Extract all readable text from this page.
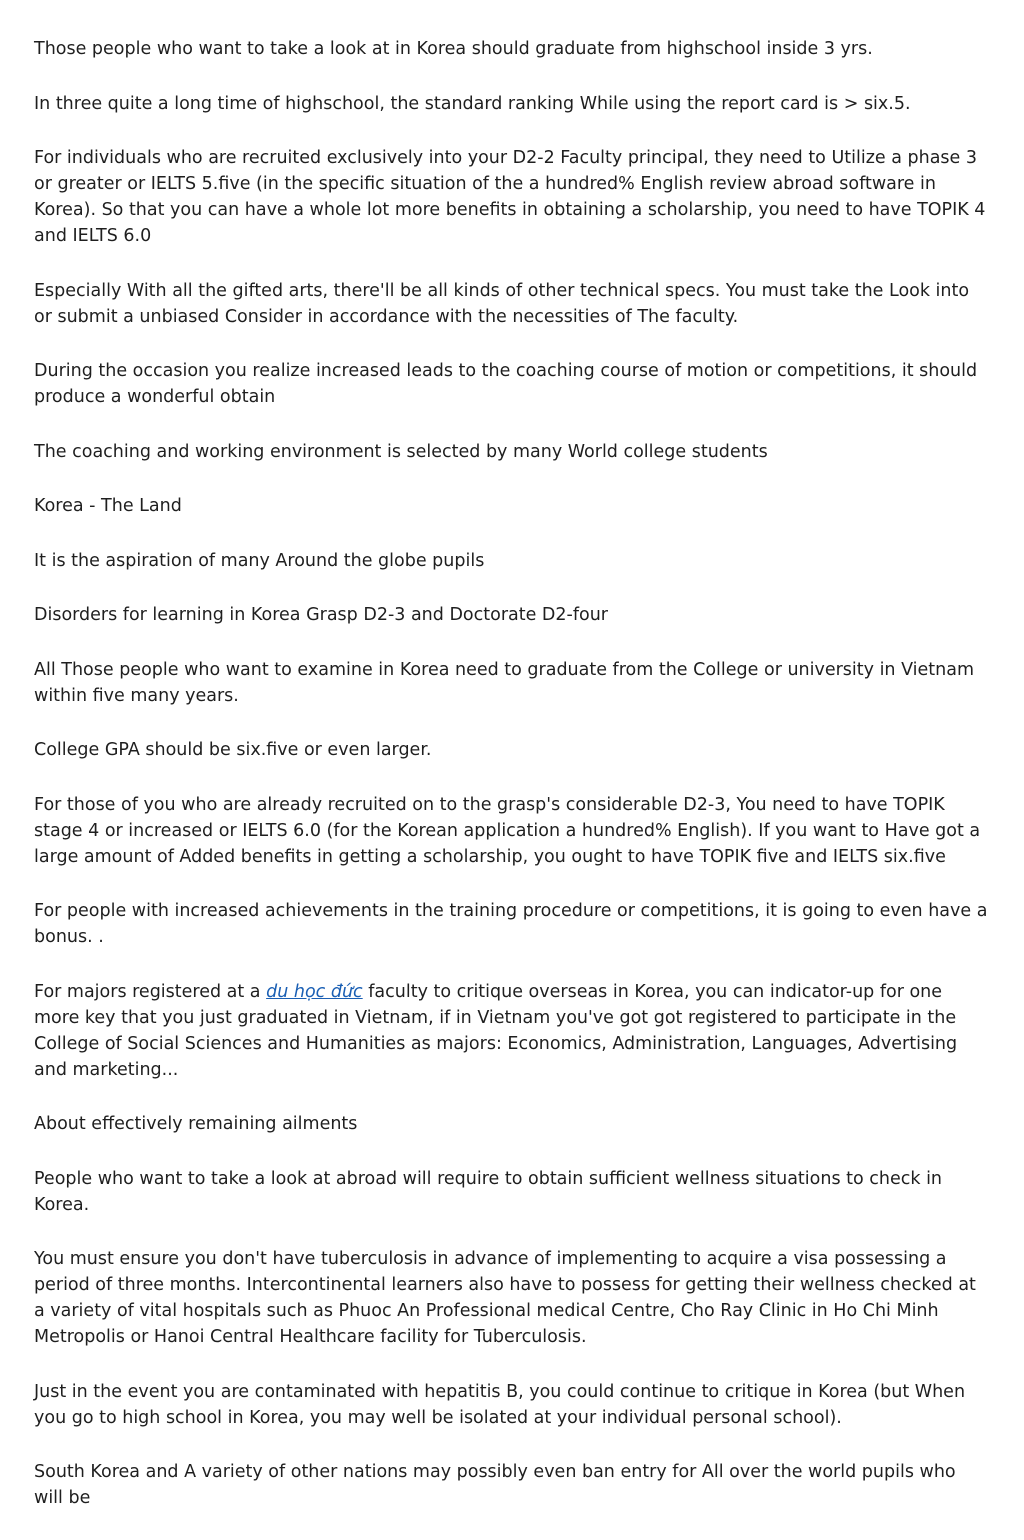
Those people who want to take a look at in Korea should graduate from highschool inside 3 yrs.

In three quite a long time of highschool, the standard ranking While using the report card is > six.5.

For individuals who are recruited exclusively into your D2-2 Faculty principal, they need to Utilize a phase 3 or greater or IELTS 5.five (in the specific situation of the a hundred% English review abroad software in Korea). So that you can have a whole lot more benefits in obtaining a scholarship, you need to have TOPIK 4 and IELTS 6.0

Especially With all the gifted arts, there'll be all kinds of other technical specs. You must take the Look into or submit a unbiased Consider in accordance with the necessities of The faculty.

During the occasion you realize increased leads to the coaching course of motion or competitions, it should produce a wonderful obtain

The coaching and working environment is selected by many World college students

Korea - The Land

It is the aspiration of many Around the globe pupils

Disorders for learning in Korea Grasp D2-3 and Doctorate D2-four

All Those people who want to examine in Korea need to graduate from the College or university in Vietnam within five many years.

College GPA should be six.five or even larger.

For those of you who are already recruited on to the grasp's considerable D2-3, You need to have TOPIK stage 4 or increased or IELTS 6.0 (for the Korean application a hundred% English). If you want to Have got a large amount of Added benefits in getting a scholarship, you ought to have TOPIK five and IELTS six.five

For people with increased achievements in the training procedure or competitions, it is going to even have a bonus. .

For majors registered at a du học đức faculty to critique overseas in Korea, you can indicator-up for one more key that you just graduated in Vietnam, if in Vietnam you've got got registered to participate in the College of Social Sciences and Humanities as majors: Economics, Administration, Languages, Advertising and marketing...

About effectively remaining ailments

People who want to take a look at abroad will require to obtain sufficient wellness situations to check in Korea.

You must ensure you don't have tuberculosis in advance of implementing to acquire a visa possessing a period of three months. Intercontinental learners also have to possess for getting their wellness checked at a variety of vital hospitals such as Phuoc An Professional medical Centre, Cho Ray Clinic in Ho Chi Minh Metropolis or Hanoi Central Healthcare facility for Tuberculosis.

Just in the event you are contaminated with hepatitis B, you could continue to critique in Korea (but When you go to high school in Korea, you may well be isolated at your individual personal school).

South Korea and A variety of other nations may possibly even ban entry for All over the world pupils who will be
